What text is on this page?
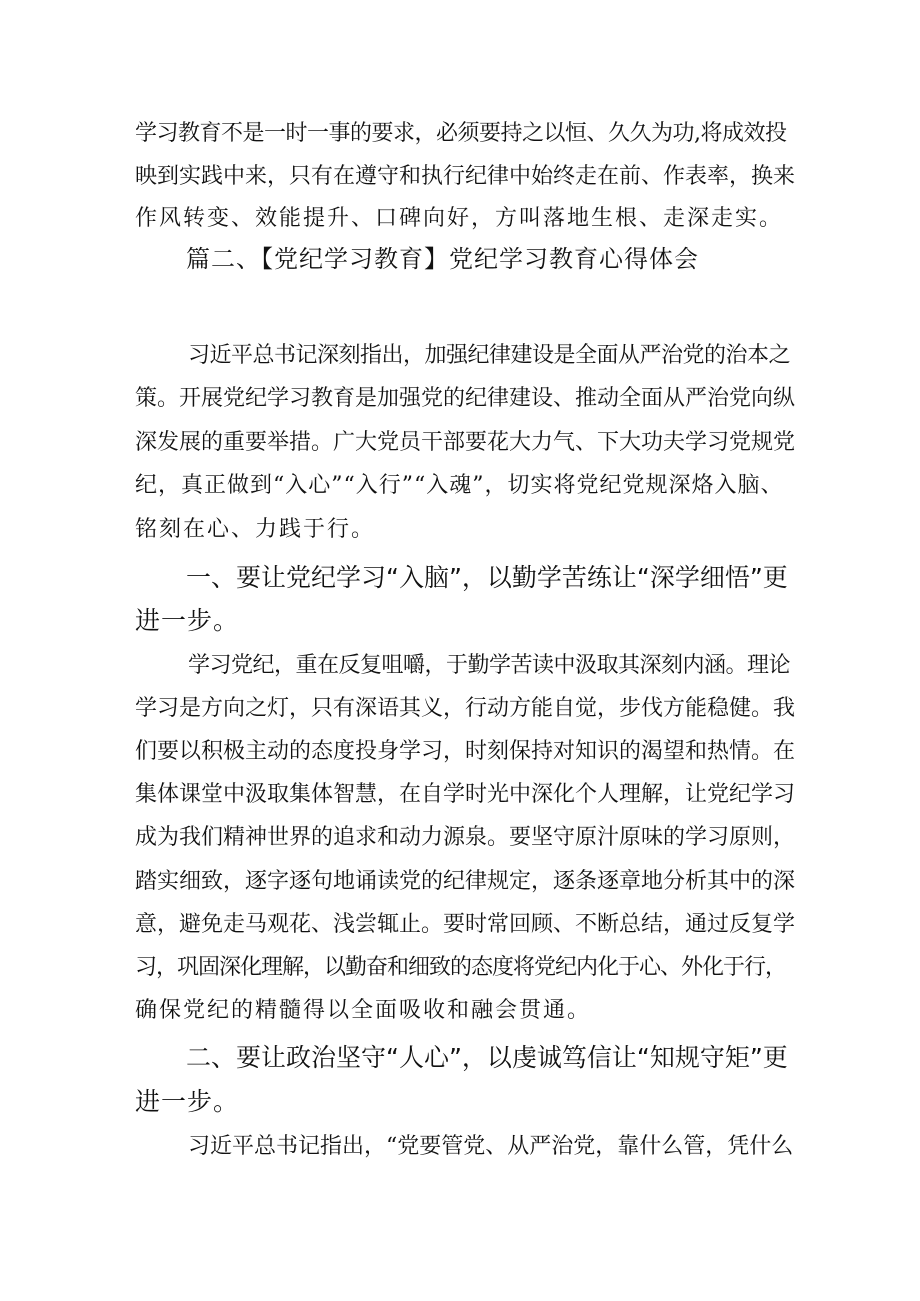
学习教育不是一时一事的要求，必须要持之以恒、久久为功,将成效投
映到实践中来，只有在遵守和执行纪律中始终走在前、作表率，换来
作风转变、效能提升、口碑向好，方叫落地生根、走深走实。
篇二、【党纪学习教育】党纪学习教育心得体会
习近平总书记深刻指出，加强纪律建设是全面从严治党的治本之
策。开展党纪学习教育是加强党的纪律建设、推动全面从严治党向纵
深发展的重要举措。广大党员干部要花大力气、下大功夫学习党规党
纪，真正做到“入心”“入行”“入魂”，切实将党纪党规深烙入脑、
铭刻在心、力践于行。
一、要让党纪学习“入脑”，以勤学苦练让“深学细悟”更
进一步。
学习党纪，重在反复咀嚼，于勤学苦读中汲取其深刻内涵。理论
学习是方向之灯，只有深语其义，行动方能自觉，步伐方能稳健。我
们要以积极主动的态度投身学习，时刻保持对知识的渴望和热情。在
集体课堂中汲取集体智慧，在自学时光中深化个人理解，让党纪学习
成为我们精神世界的追求和动力源泉。要坚守原汁原味的学习原则，
踏实细致，逐字逐句地诵读党的纪律规定，逐条逐章地分析其中的深
意，避免走马观花、浅尝辄止。要时常回顾、不断总结，通过反复学
习，巩固深化理解，以勤奋和细致的态度将党纪内化于心、外化于行，
确保党纪的精髓得以全面吸收和融会贯通。
二、要让政治坚守“人心”，以虔诚笃信让“知规守矩”更
进一步。
习近平总书记指出，“党要管党、从严治党，靠什么管，凭什么
